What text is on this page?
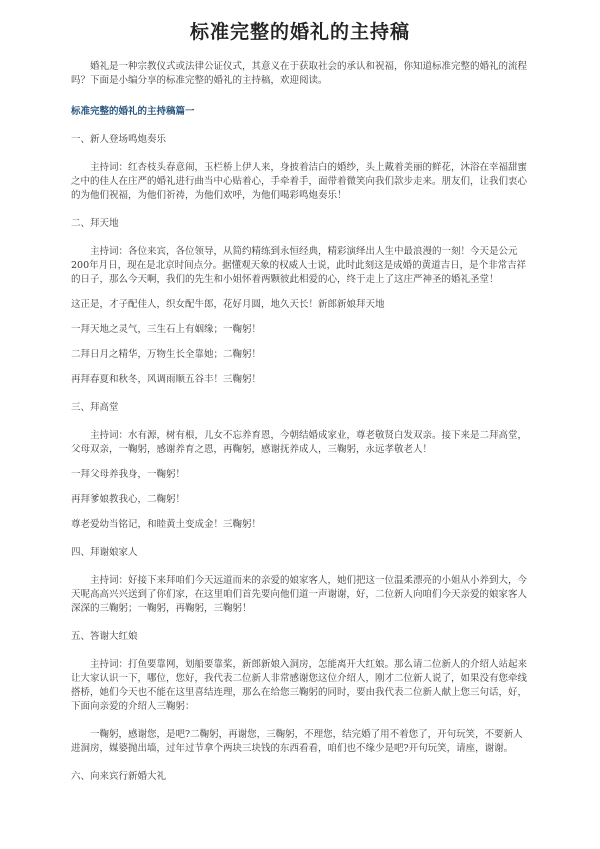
标准完整的婚礼的主持稿

婚礼是一种宗教仪式或法律公证仪式，其意义在于获取社会的承认和祝福，你知道标准完整的婚礼的流程吗？下面是小编分享的标准完整的婚礼的主持稿，欢迎阅读。

标准完整的婚礼的主持稿篇一

一、新人登场鸣炮奏乐

主持词：红杏枝头春意闹，玉栏桥上伊人来，身披着洁白的婚纱，头上戴着美丽的鲜花，沐浴在幸福甜蜜之中的佳人在庄严的婚礼进行曲当中心贴着心，手牵着手，面带着微笑向我们款步走来。朋友们，让我们衷心的为他们祝福，为他们祈祷，为他们欢呼，为他们喝彩鸣炮奏乐！

二、拜天地

主持词：各位来宾，各位领导，从简约精练到永恒经典，精彩演绎出人生中最浪漫的一刻！今天是公元200年月日，现在是北京时间点分。据懂观天象的权威人士说，此时此刻这是成婚的黄道吉日，是个非常吉祥的日子，那么今天啊，我们的先生和小姐怀着两颗彼此相爱的心，终于走上了这庄严神圣的婚礼圣堂！

这正是，才子配佳人，织女配牛郎，花好月圆，地久天长！新郎新娘拜天地

一拜天地之灵气，三生石上有姻缘；一鞠躬！

二拜日月之精华，万物生长全靠她；二鞠躬！

再拜春夏和秋冬，风调雨顺五谷丰！三鞠躬！

三、拜高堂

主持词：水有源，树有根，儿女不忘养育恩，今朝结婚成家业，尊老敬贤白发双亲。接下来是二拜高堂，父母双亲，一鞠躬，感谢养育之恩，再鞠躬，感谢抚养成人，三鞠躬，永远孝敬老人！

一拜父母养我身，一鞠躬！

再拜爹娘教我心，二鞠躬！

尊老爱幼当铭记，和睦黄土变成金！三鞠躬！

四、拜谢娘家人

主持词：好接下来拜咱们今天远道而来的亲爱的娘家客人，她们把这一位温柔漂亮的小姐从小养到大，今天呢高高兴兴送到了你们家，在这里咱们首先要向他们道一声谢谢，好，二位新人向咱们今天亲爱的娘家客人深深的三鞠躬；一鞠躬，再鞠躬，三鞠躬！

五、答谢大红娘

主持词：打鱼要靠网，划船要靠桨，新郎新娘入洞房，怎能离开大红娘。那么请二位新人的介绍人站起来让大家认识一下，哪位，您好，我代表二位新人非常感谢您这位介绍人，刚才二位新人说了，如果没有您牵线搭桥，她们今天也不能在这里喜结连理，那么在给您三鞠躬的同时，要由我代表二位新人献上您三句话，好，下面向亲爱的介绍人三鞠躬：

一鞠躬，感谢您，是吧?二鞠躬，再谢您，三鞠躬，不理您，结完婚了用不着您了，开句玩笑，不要新人进洞房，媒婆抛出墙，过年过节拿个两块三块钱的东西看看，咱们也不缘少是吧?开句玩笑，请座，谢谢。

六、向来宾行新婚大礼
